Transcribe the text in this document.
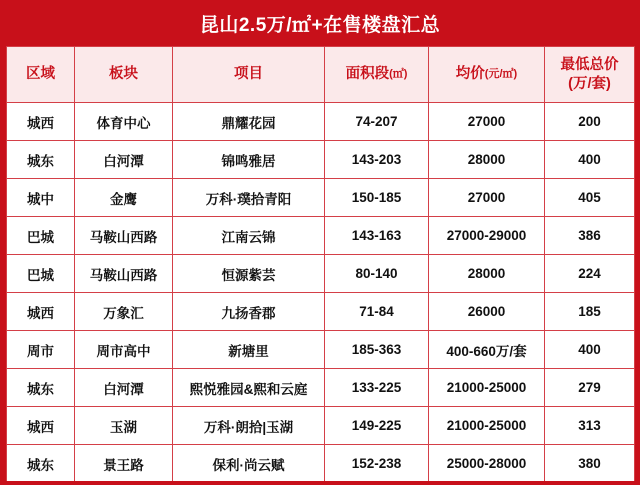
昆山2.5万/㎡+在售楼盘汇总
区域	板块	项目	面积段(㎡)	均价(元/㎡)	最低总价
(万/套)

城西	体育中心	鼎耀花园	74-207	27000	200
城东	白河潭	锦鸣雅居	143-203	28000	400
城中	金鹰	万科·璞拾青阳	150-185	27000	405
巴城	马鞍山西路	江南云锦	143-163	27000-29000	386
巴城	马鞍山西路	恒源紫芸	80-140	28000	224
城西	万象汇	九扬香郡	71-84	26000	185
周市	周市高中	新塘里	185-363	400-660万/套	400
城东	白河潭	熙悦雅园&熙和云庭	133-225	21000-25000	279
城西	玉湖	万科·朗拾|玉湖	149-225	21000-25000	313
城东	景王路	保利·尚云赋	152-238	25000-28000	380
